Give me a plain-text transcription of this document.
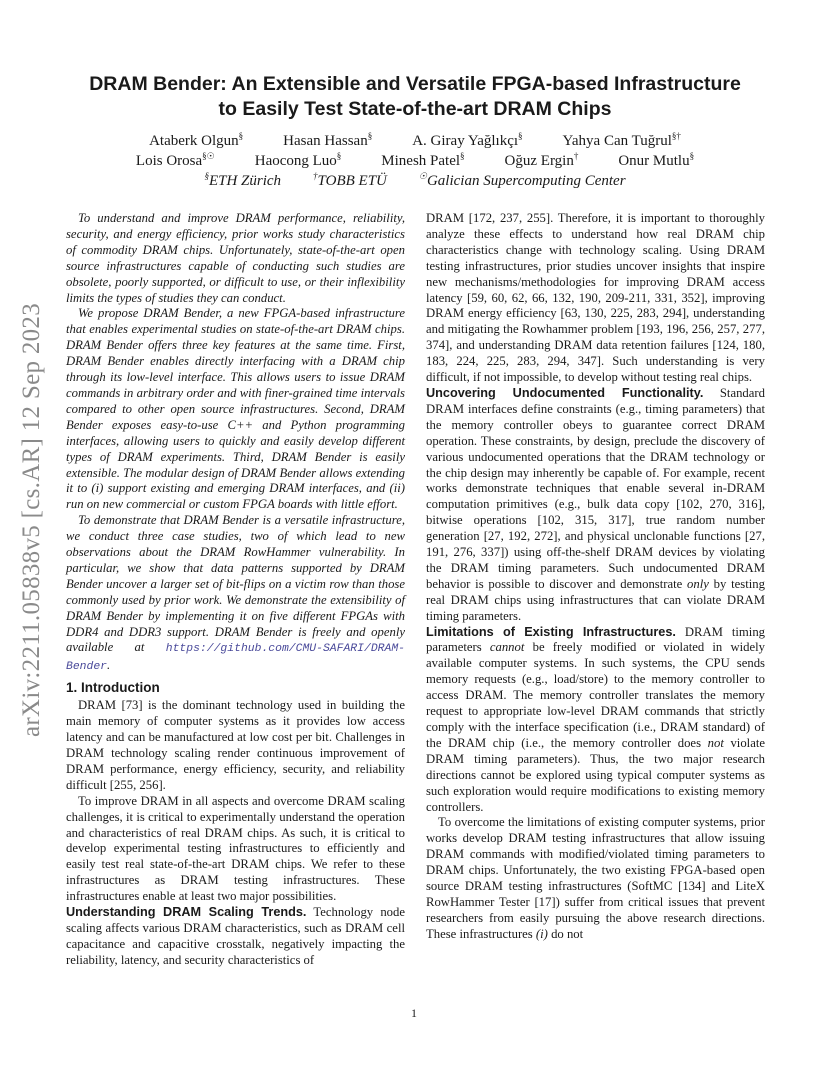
arXiv:2211.05838v5 [cs.AR] 12 Sep 2023
DRAM Bender: An Extensible and Versatile FPGA-based Infrastructure
to Easily Test State-of-the-art DRAM Chips
Ataberk Olgun§	Hasan Hassan§	A. Giray Yağlıkçı§	Yahya Can Tuğrul§†
Lois Orosa§☉	Haocong Luo§	Minesh Patel§	Oğuz Ergin†	Onur Mutlu§
§ETH Zürich	†TOBB ETÜ	☉Galician Supercomputing Center

To understand and improve DRAM performance, reliability, security, and energy efficiency, prior works study characteristics of commodity DRAM chips. Unfortunately, state-of-the-art open source infrastructures capable of conducting such studies are obsolete, poorly supported, or difficult to use, or their inflexibility limits the types of studies they can conduct.

We propose DRAM Bender, a new FPGA-based infrastructure that enables experimental studies on state-of-the-art DRAM chips. DRAM Bender offers three key features at the same time. First, DRAM Bender enables directly interfacing with a DRAM chip through its low-level interface. This allows users to issue DRAM commands in arbitrary order and with finer-grained time intervals compared to other open source infrastructures. Second, DRAM Bender exposes easy-to-use C++ and Python programming interfaces, allowing users to quickly and easily develop different types of DRAM experiments. Third, DRAM Bender is easily extensible. The modular design of DRAM Bender allows extending it to (i) support existing and emerging DRAM interfaces, and (ii) run on new commercial or custom FPGA boards with little effort.

To demonstrate that DRAM Bender is a versatile infrastructure, we conduct three case studies, two of which lead to new observations about the DRAM RowHammer vulnerability. In particular, we show that data patterns supported by DRAM Bender uncover a larger set of bit-flips on a victim row than those commonly used by prior work. We demonstrate the extensibility of DRAM Bender by implementing it on five different FPGAs with DDR4 and DDR3 support. DRAM Bender is freely and openly available at https://github.com/CMU-SAFARI/DRAM-Bender.

1. Introduction

DRAM [73] is the dominant technology used in building the main memory of computer systems as it provides low access latency and can be manufactured at low cost per bit. Challenges in DRAM technology scaling render continuous improvement of DRAM performance, energy efficiency, security, and reliability difficult [255, 256].

To improve DRAM in all aspects and overcome DRAM scaling challenges, it is critical to experimentally understand the operation and characteristics of real DRAM chips. As such, it is critical to develop experimental testing infrastructures to efficiently and easily test real state-of-the-art DRAM chips. We refer to these infrastructures as DRAM testing infrastructures. These infrastructures enable at least two major possibilities.

Understanding DRAM Scaling Trends. Technology node scaling affects various DRAM characteristics, such as DRAM cell capacitance and capacitive crosstalk, negatively impacting the reliability, latency, and security characteristics of

DRAM [172, 237, 255]. Therefore, it is important to thoroughly analyze these effects to understand how real DRAM chip characteristics change with technology scaling. Using DRAM testing infrastructures, prior studies uncover insights that inspire new mechanisms/methodologies for improving DRAM access latency [59, 60, 62, 66, 132, 190, 209-211, 331, 352], improving DRAM energy efficiency [63, 130, 225, 283, 294], understanding and mitigating the Rowhammer problem [193, 196, 256, 257, 277, 374], and understanding DRAM data retention failures [124, 180, 183, 224, 225, 283, 294, 347]. Such understanding is very difficult, if not impossible, to develop without testing real chips.

Uncovering Undocumented Functionality. Standard DRAM interfaces define constraints (e.g., timing parameters) that the memory controller obeys to guarantee correct DRAM operation. These constraints, by design, preclude the discovery of various undocumented operations that the DRAM technology or the chip design may inherently be capable of. For example, recent works demonstrate techniques that enable several in-DRAM computation primitives (e.g., bulk data copy [102, 270, 316], bitwise operations [102, 315, 317], true random number generation [27, 192, 272], and physical unclonable functions [27, 191, 276, 337]) using off-the-shelf DRAM devices by violating the DRAM timing parameters. Such undocumented DRAM behavior is possible to discover and demonstrate only by testing real DRAM chips using infrastructures that can violate DRAM timing parameters.

Limitations of Existing Infrastructures. DRAM timing parameters cannot be freely modified or violated in widely available computer systems. In such systems, the CPU sends memory requests (e.g., load/store) to the memory controller to access DRAM. The memory controller translates the memory request to appropriate low-level DRAM commands that strictly comply with the interface specification (i.e., DRAM standard) of the DRAM chip (i.e., the memory controller does not violate DRAM timing parameters). Thus, the two major research directions cannot be explored using typical computer systems as such exploration would require modifications to existing memory controllers.

To overcome the limitations of existing computer systems, prior works develop DRAM testing infrastructures that allow issuing DRAM commands with modified/violated timing parameters to DRAM chips. Unfortunately, the two existing FPGA-based open source DRAM testing infrastructures (SoftMC [134] and LiteX RowHammer Tester [17]) suffer from critical issues that prevent researchers from easily pursuing the above research directions. These infrastructures (i) do not

1
